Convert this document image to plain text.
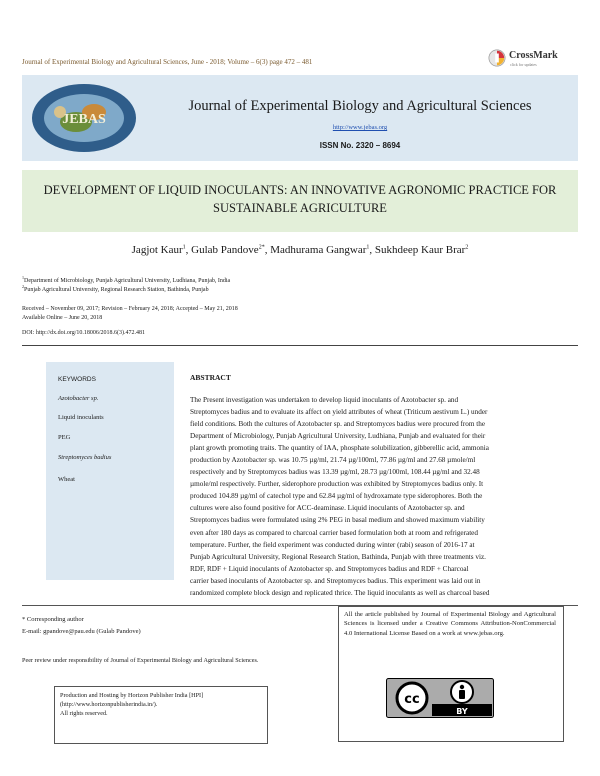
Journal of Experimental Biology and Agricultural Sciences, June - 2018; Volume – 6(3) page 472 – 481
CrossMark
click for updates
JEBAS
Journal of Experimental Biology and Agricultural Sciences
http://www.jebas.org
ISSN No. 2320 – 8694
DEVELOPMENT OF LIQUID INOCULANTS: AN INNOVATIVE AGRONOMIC PRACTICE FOR SUSTAINABLE AGRICULTURE
Jagjot Kaur$^1$, Gulab Pandove$^{2*}$, Madhurama Gangwar$^1$, Sukhdeep Kaur Brar$^2$
$^1$Department of Microbiology, Punjab Agricultural University, Ludhiana, Punjab, India
$^2$Punjab Agricultural University, Regional Research Station, Bathinda, Punjab
Received – November 09, 2017; Revision – February 24, 2018; Accepted – May 21, 2018
Available Online – June 20, 2018
DOI: http://dx.doi.org/10.18006/2018.6(3).472.481
KEYWORDS
Azotobacter sp.
Liquid inoculants
PEG
Streptomyces badius
Wheat
ABSTRACT
The Present investigation was undertaken to develop liquid inoculants of Azotobacter sp. and
Streptomyces badius and to evaluate its affect on yield attributes of wheat (Triticum aestivum L.) under
field conditions. Both the cultures of Azotobacter sp. and Streptomyces badius were procured from the
Department of Microbiology, Punjab Agricultural University, Ludhiana, Punjab and evaluated for their
plant growth promoting traits. The quantity of IAA, phosphate solubilization, gibberellic acid, ammonia
production by Azotobacter sp. was 10.75 µg/ml, 21.74 µg/100ml, 77.86 µg/ml and 27.68 µmole/ml
respectively and by Streptomyces badius was 13.39 µg/ml, 28.73 µg/100ml, 108.44 µg/ml and 32.48
µmole/ml respectively. Further, siderophore production was exhibited by Streptomyces badius only. It
produced 104.89 µg/ml of catechol type and 62.84 µg/ml of hydroxamate type siderophores. Both the
cultures were also found positive for ACC-deaminase. Liquid inoculants of Azotobacter sp. and
Streptomyces badius were formulated using 2% PEG in basal medium and showed maximum viability
even after 180 days as compared to charcoal carrier based formulation both at room and refrigerated
temperature. Further, the field experiment was conducted during winter (rabi) season of 2016-17 at
Punjab Agricultural University, Regional Research Station, Bathinda, Punjab with three treatments viz.
RDF, RDF + Liquid inoculants of Azotobacter sp. and Streptomyces badius and RDF + Charcoal
carrier based inoculants of Azotobacter sp. and Streptomyces badius. This experiment was laid out in
randomized complete block design and replicated thrice. The liquid inoculants as well as charcoal based
* Corresponding author
E-mail: gpandove@pau.edu (Gulab Pandove)
Peer review under responsibility of Journal of Experimental Biology and Agricultural Sciences.
Production and Hosting by Horizon Publisher India [HPI]
(http://www.horizonpublisherindia.in/).
All rights reserved.
All the article published by Journal of Experimental Biology and Agricultural Sciences is licensed under a Creative Commons Attribution-NonCommercial 4.0 International License Based on a work at www.jebas.org.
cc
BY
